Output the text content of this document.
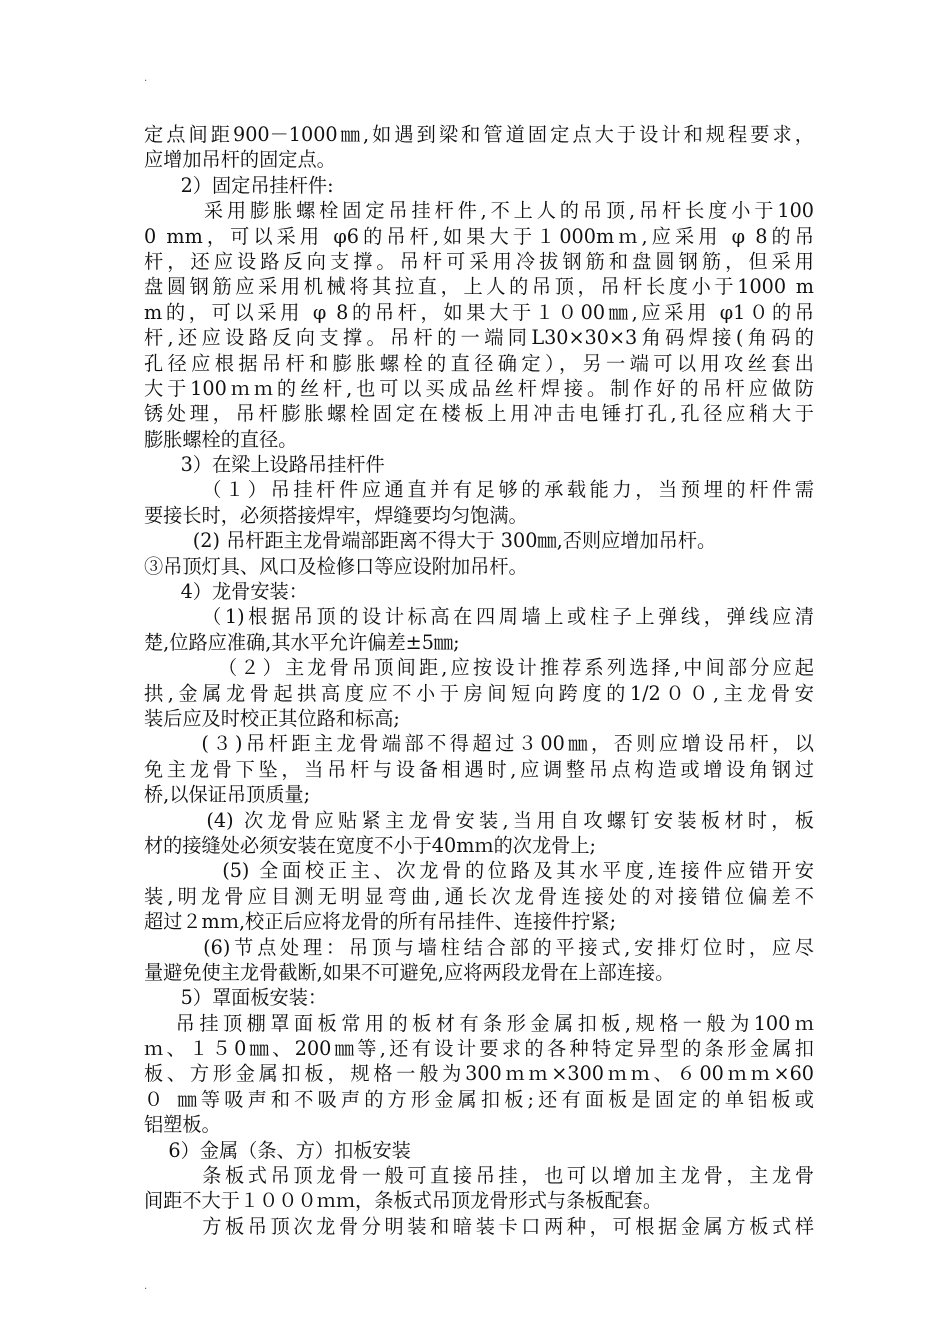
.
定点间距900－1000㎜,如遇到梁和管道固定点大于设计和规程要求，
应增加吊杆的固定点。
2）固定吊挂杆件:
采用膨胀螺栓固定吊挂杆件,不上人的吊顶,吊杆长度小于100
0 mm，可以采用 φ6的吊杆,如果大于１000mｍ,应采用 φ 8的吊
杆，还应设路反向支撑。吊杆可采用冷拔钢筋和盘圆钢筋，但采用
盘圆钢筋应采用机械将其拉直，上人的吊顶，吊杆长度小于1000 m
m的，可以采用 φ 8的吊杆，如果大于１０00㎜,应采用 φ1０的吊
杆,还应设路反向支撑。吊杆的一端同L30×30×3角码焊接(角码的
孔径应根据吊杆和膨胀螺栓的直径确定），另一端可以用攻丝套出
大于100ｍｍ的丝杆,也可以买成品丝杆焊接。制作好的吊杆应做防
锈处理，吊杆膨胀螺栓固定在楼板上用冲击电锤打孔,孔径应稍大于
膨胀螺栓的直径。
3）在梁上设路吊挂杆件
（１）吊挂杆件应通直并有足够的承载能力，当预埋的杆件需
要接长时，必须搭接焊牢，焊缝要均匀饱满。
(2) 吊杆距主龙骨端部距离不得大于 300㎜,否则应增加吊杆。
③吊顶灯具、风口及检修口等应设附加吊杆。
4）龙骨安装：
（1)根据吊顶的设计标高在四周墙上或柱子上弹线，弹线应清
楚,位路应准确,其水平允许偏差±5㎜;
（２）主龙骨吊顶间距,应按设计推荐系列选择,中间部分应起
拱,金属龙骨起拱高度应不小于房间短向跨度的1/2００,主龙骨安
装后应及时校正其位路和标高;
(３)吊杆距主龙骨端部不得超过３00㎜，否则应增设吊杆，以
免主龙骨下坠，当吊杆与设备相遇时,应调整吊点构造或增设角钢过
桥,以保证吊顶质量;
(4) 次龙骨应贴紧主龙骨安装,当用自攻螺钉安装板材时，板
材的接缝处必须安装在宽度不小于40mｍ的次龙骨上;
(5) 全面校正主、次龙骨的位路及其水平度,连接件应错开安
装,明龙骨应目测无明显弯曲,通长次龙骨连接处的对接错位偏差不
超过２mｍ,校正后应将龙骨的所有吊挂件、连接件拧紧;
(6)节点处理：吊顶与墙柱结合部的平接式,安排灯位时，应尽
量避免使主龙骨截断,如果不可避免,应将两段龙骨在上部连接。
5）罩面板安装：
吊挂顶棚罩面板常用的板材有条形金属扣板,规格一般为100ｍ
ｍ、１５0㎜、200㎜等,还有设计要求的各种特定异型的条形金属扣
板、方形金属扣板，规格一般为300ｍｍ×300ｍｍ、６00ｍｍ×60
０ ㎜等吸声和不吸声的方形金属扣板;还有面板是固定的单铝板或
铝塑板。
6）金属（条、方）扣板安装
条板式吊顶龙骨一般可直接吊挂，也可以增加主龙骨，主龙骨
间距不大于１０００ｍｍ，条板式吊顶龙骨形式与条板配套。
方板吊顶次龙骨分明装和暗装卡口两种，可根据金属方板式样
.
